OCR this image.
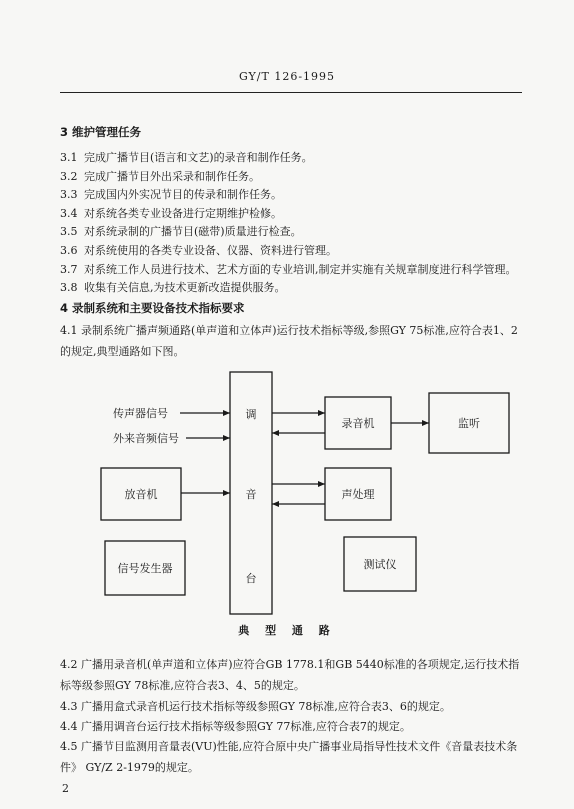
GY/T 126-1995
3 维护管理任务
3.1 完成广播节目(语言和文艺)的录音和制作任务。
3.2 完成广播节目外出采录和制作任务。
3.3 完成国内外实况节目的传录和制作任务。
3.4 对系统各类专业设备进行定期维护检修。
3.5 对系统录制的广播节目(磁带)质量进行检查。
3.6 对系统使用的各类专业设备、仪器、资料进行管理。
3.7 对系统工作人员进行技术、艺术方面的专业培训,制定并实施有关规章制度进行科学管理。
3.8 收集有关信息,为技术更新改造提供服务。
4 录制系统和主要设备技术指标要求
4.1 录制系统广播声频通路(单声道和立体声)运行技术指标等级,参照GY 75标准,应符合表1、2的规定,典型通路如下图。
调
音
台
传声器信号
外来音频信号
放音机
信号发生器
录音机	监听
声处理
测试仪
典 型 通 路
4.2 广播用录音机(单声道和立体声)应符合GB 1778.1和GB 5440标准的各项规定,运行技术指标等级参照GY 78标准,应符合表3、4、5的规定。
4.3 广播用盒式录音机运行技术指标等级参照GY 78标准,应符合表3、6的规定。
4.4 广播用调音台运行技术指标等级参照GY 77标准,应符合表7的规定。
4.5 广播节目监测用音量表(VU)性能,应符合原中央广播事业局指导性技术文件《音量表技术条件》 GY/Z 2-1979的规定。
2
